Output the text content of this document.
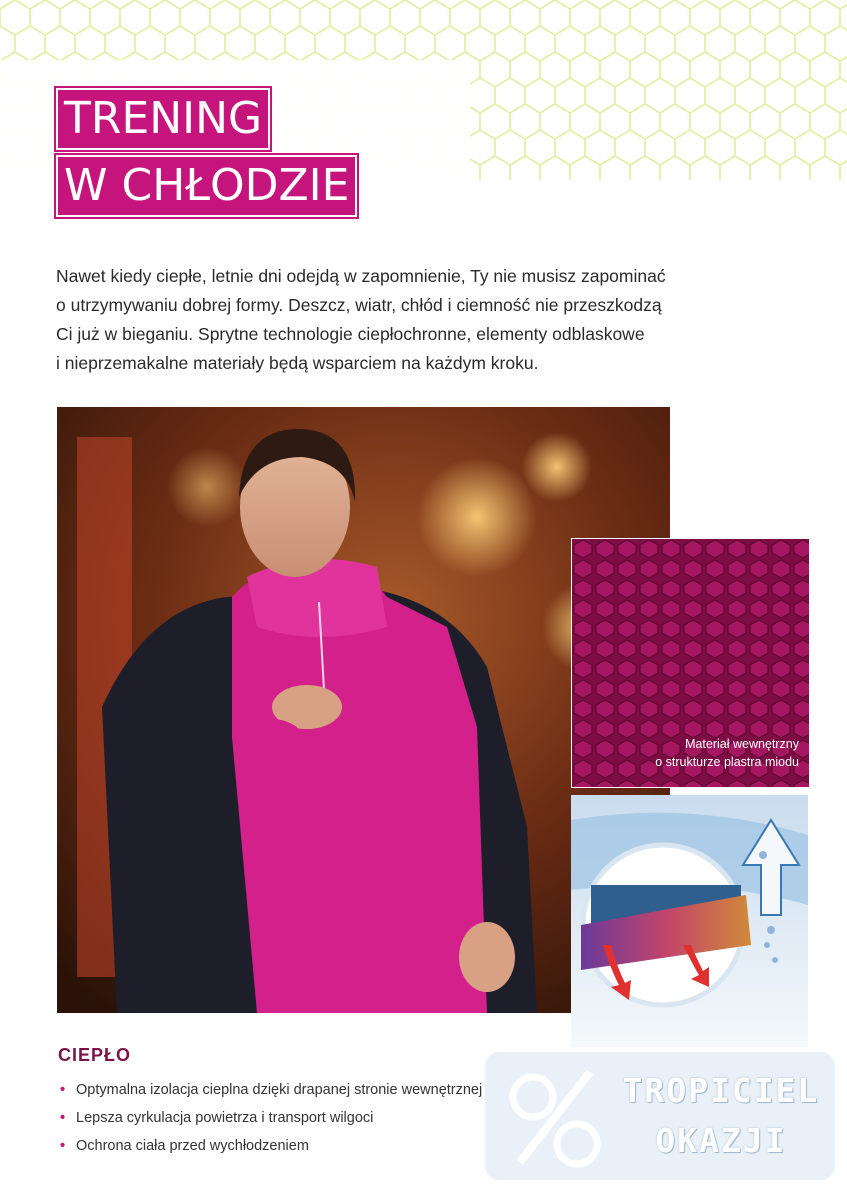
TRENING
W CHŁODZIE

Nawet kiedy ciepłe, letnie dni odejdą w zapomnienie, Ty nie musisz zapominać

o utrzymywaniu dobrej formy. Deszcz, wiatr, chłód i ciemność nie przeszkodzą

Ci już w bieganiu. Sprytne technologie ciepłochronne, elementy odblaskowe

i nieprzemakalne materiały będą wsparciem na każdym kroku.

Materiał wewnętrzny
o strukturze plastra miodu
CIEPŁO
• Optymalna izolacja cieplna dzięki drapanej stronie wewnętrznej
• Lepsza cyrkulacja powietrza i transport wilgoci
• Ochrona ciała przed wychłodzeniem
TROPICIEL
OKAZJI
